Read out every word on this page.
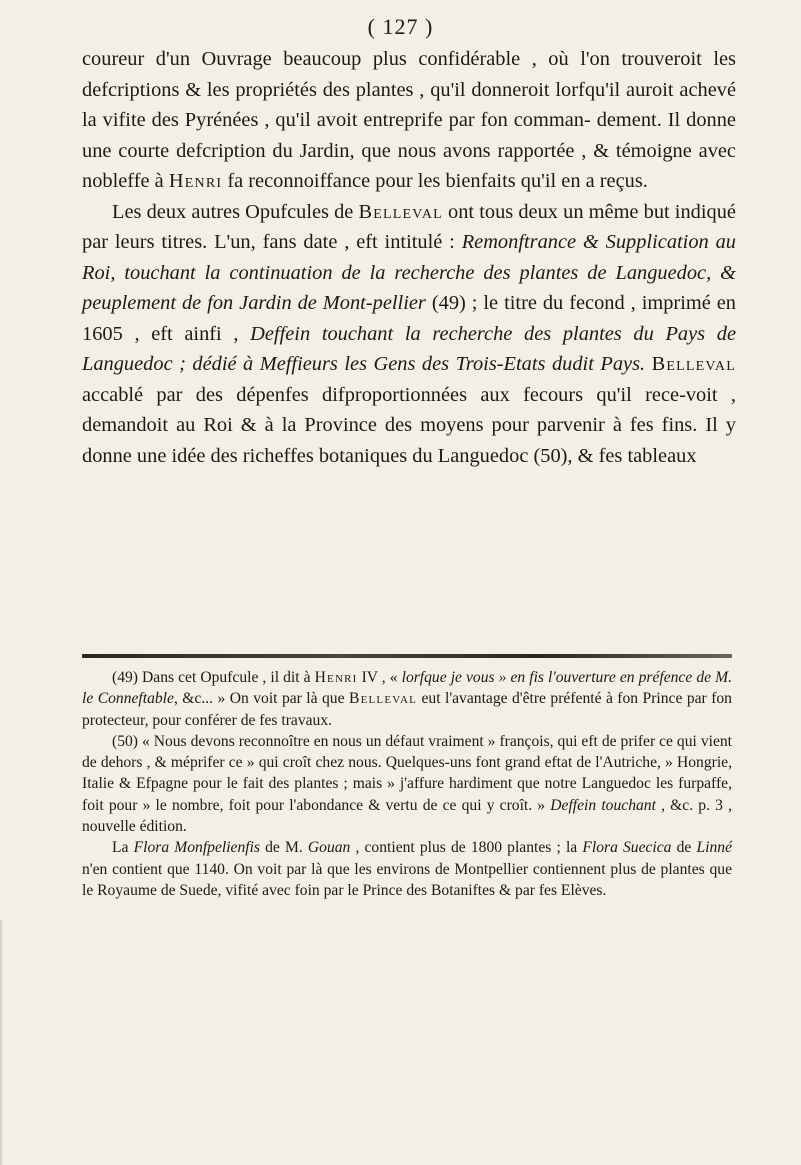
( 127 )

coureur d'un Ouvrage beaucoup plus confidérable , où l'on trouveroit les defcriptions & les propriétés des plantes , qu'il donneroit lorfqu'il auroit achevé la vifite des Pyrénées , qu'il avoit entreprife par fon comman- dement. Il donne une courte defcription du Jardin, que nous avons rapportée , & témoigne avec nobleffe à Henri fa reconnoiffance pour les bienfaits qu'il en a reçus.

Les deux autres Opufcules de Belleval ont tous deux un même but indiqué par leurs titres. L'un, fans date , eft intitulé : Remonftrance & Supplication au Roi, touchant la continuation de la recherche des plantes de Languedoc, & peuplement de fon Jardin de Mont-pellier (49) ; le titre du fecond , imprimé en 1605 , eft ainfi , Deffein touchant la recherche des plantes du Pays de Languedoc ; dédié à Meffieurs les Gens des Trois-Etats dudit Pays. Belleval accablé par des dépenfes difproportionnées aux fecours qu'il rece-voit , demandoit au Roi & à la Province des moyens pour parvenir à fes fins. Il y donne une idée des richeffes botaniques du Languedoc (50), & fes tableaux

(49) Dans cet Opufcule , il dit à Henri IV , « lorfque je vous » en fis l'ouverture en préfence de M. le Conneftable, &c... » On voit par là que Belleval eut l'avantage d'être préfenté à fon Prince par fon protecteur, pour conférer de fes travaux.

(50) « Nous devons reconnoître en nous un défaut vraiment » françois, qui eft de prifer ce qui vient de dehors , & méprifer ce » qui croît chez nous. Quelques-uns font grand eftat de l'Autriche, » Hongrie, Italie & Efpagne pour le fait des plantes ; mais » j'affure hardiment que notre Languedoc les furpaffe, foit pour » le nombre, foit pour l'abondance & vertu de ce qui y croît. » Deffein touchant , &c. p. 3 , nouvelle édition.

La Flora Monfpelienfis de M. Gouan , contient plus de 1800 plantes ; la Flora Suecica de Linné n'en contient que 1140. On voit par là que les environs de Montpellier contiennent plus de plantes que le Royaume de Suede, vifité avec foin par le Prince des Botaniftes & par fes Elèves.
